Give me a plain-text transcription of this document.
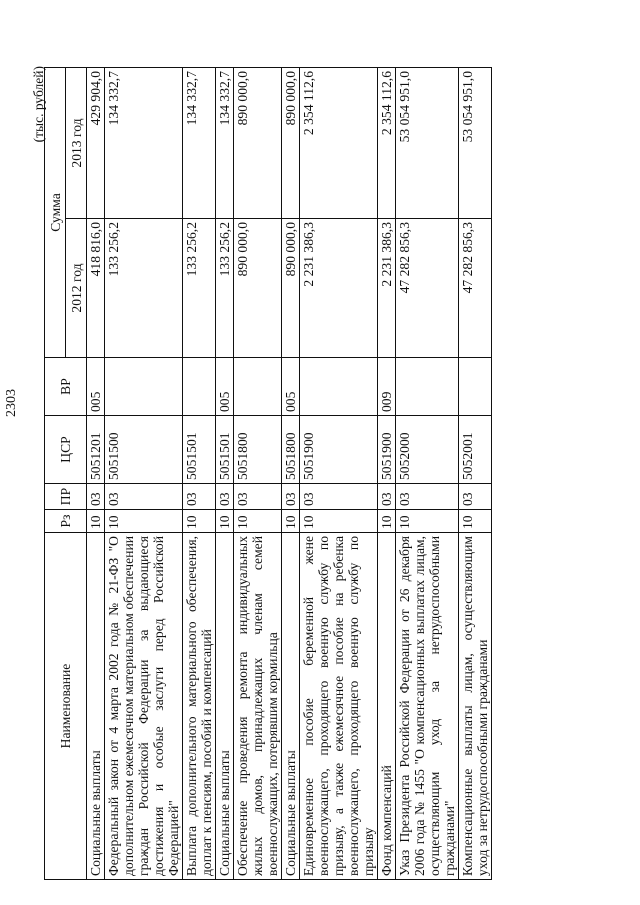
2303
(тыс. рублей)
Наименование	Рз	ПР	ЦСР	ВР	Сумма	
					2012 год	2013 год
Социальные выплаты	10	03	5051201	005	418 816,0	429 904,0
Федеральный закон от 4 марта 2002 года № 21-ФЗ "О дополнительном ежемесячном материальном обеспечении граждан Российской Федерации за выдающиеся достижения и особые заслуги перед Российской Федерацией"	10	03	5051500		133 256,2	134 332,7
Выплата дополнительного материального обеспечения, доплат к пенсиям, пособий и компенсаций	10	03	5051501		133 256,2	134 332,7
Социальные выплаты	10	03	5051501	005	133 256,2	134 332,7
Обеспечение проведения ремонта индивидуальных жилых домов, принадлежащих членам семей военнослужащих, потерявшим кормильца	10	03	5051800		890 000,0	890 000,0
Социальные выплаты	10	03	5051800	005	890 000,0	890 000,0
Единовременное пособие беременной жене военнослужащего, проходящего военную службу по призыву, а также ежемесячное пособие на ребенка военнослужащего, проходящего военную службу по призыву	10	03	5051900		2 231 386,3	2 354 112,6
Фонд компенсаций	10	03	5051900	009	2 231 386,3	2 354 112,6
Указ Президента Российской Федерации от 26 декабря 2006 года № 1455 "О компенсационных выплатах лицам, осуществляющим уход за нетрудоспособными гражданами"	10	03	5052000		47 282 856,3	53 054 951,0
Компенсационные выплаты лицам, осуществляющим уход за нетрудоспособными гражданами	10	03	5052001		47 282 856,3	53 054 951,0
